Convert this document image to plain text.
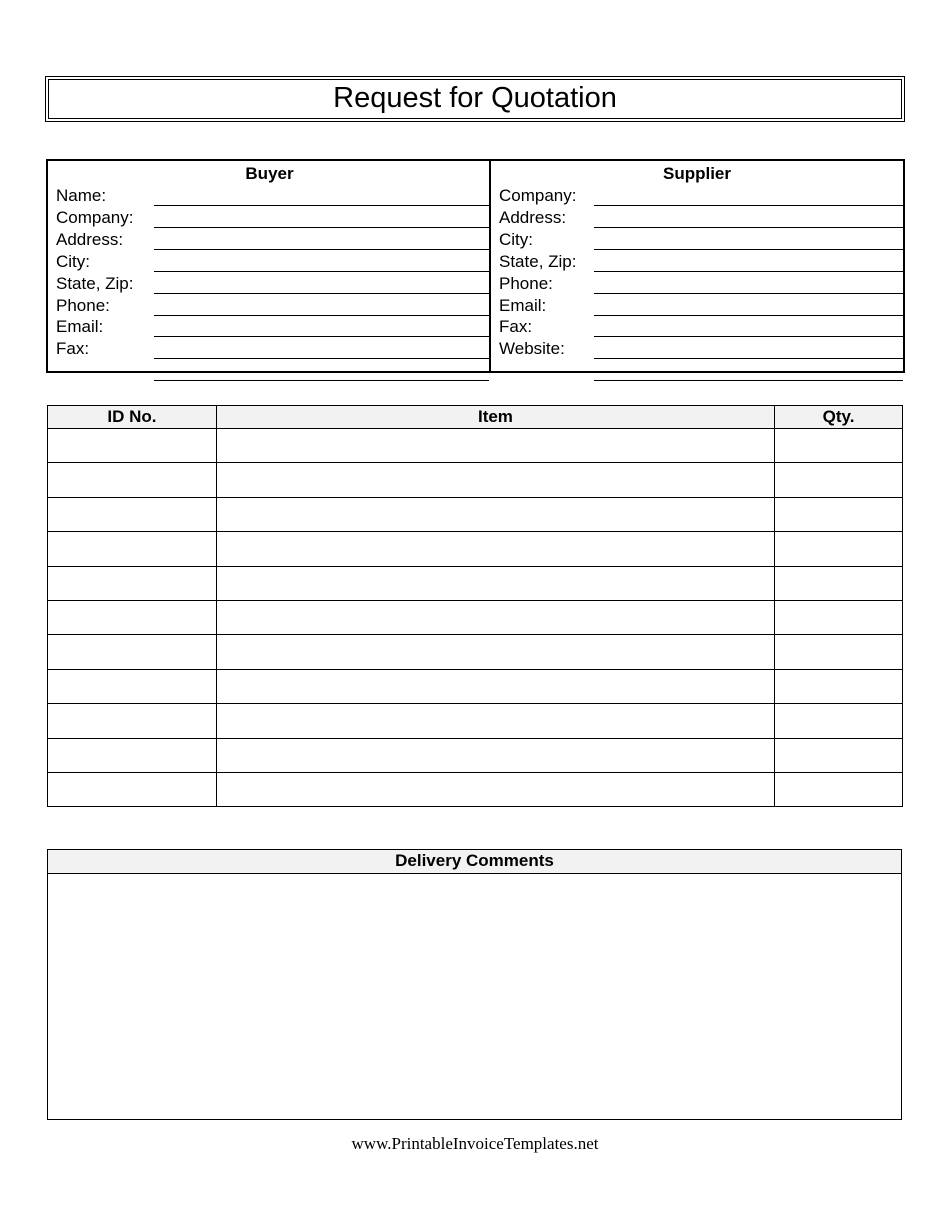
Request for Quotation
Buyer
Name:
Company:
Address:
City:
State, Zip:
Phone:
Email:
Fax:
Supplier
Company:
Address:
City:
State, Zip:
Phone:
Email:
Fax:
Website:
ID No.	Item	Qty.

Delivery Comments
www.PrintableInvoiceTemplates.net
